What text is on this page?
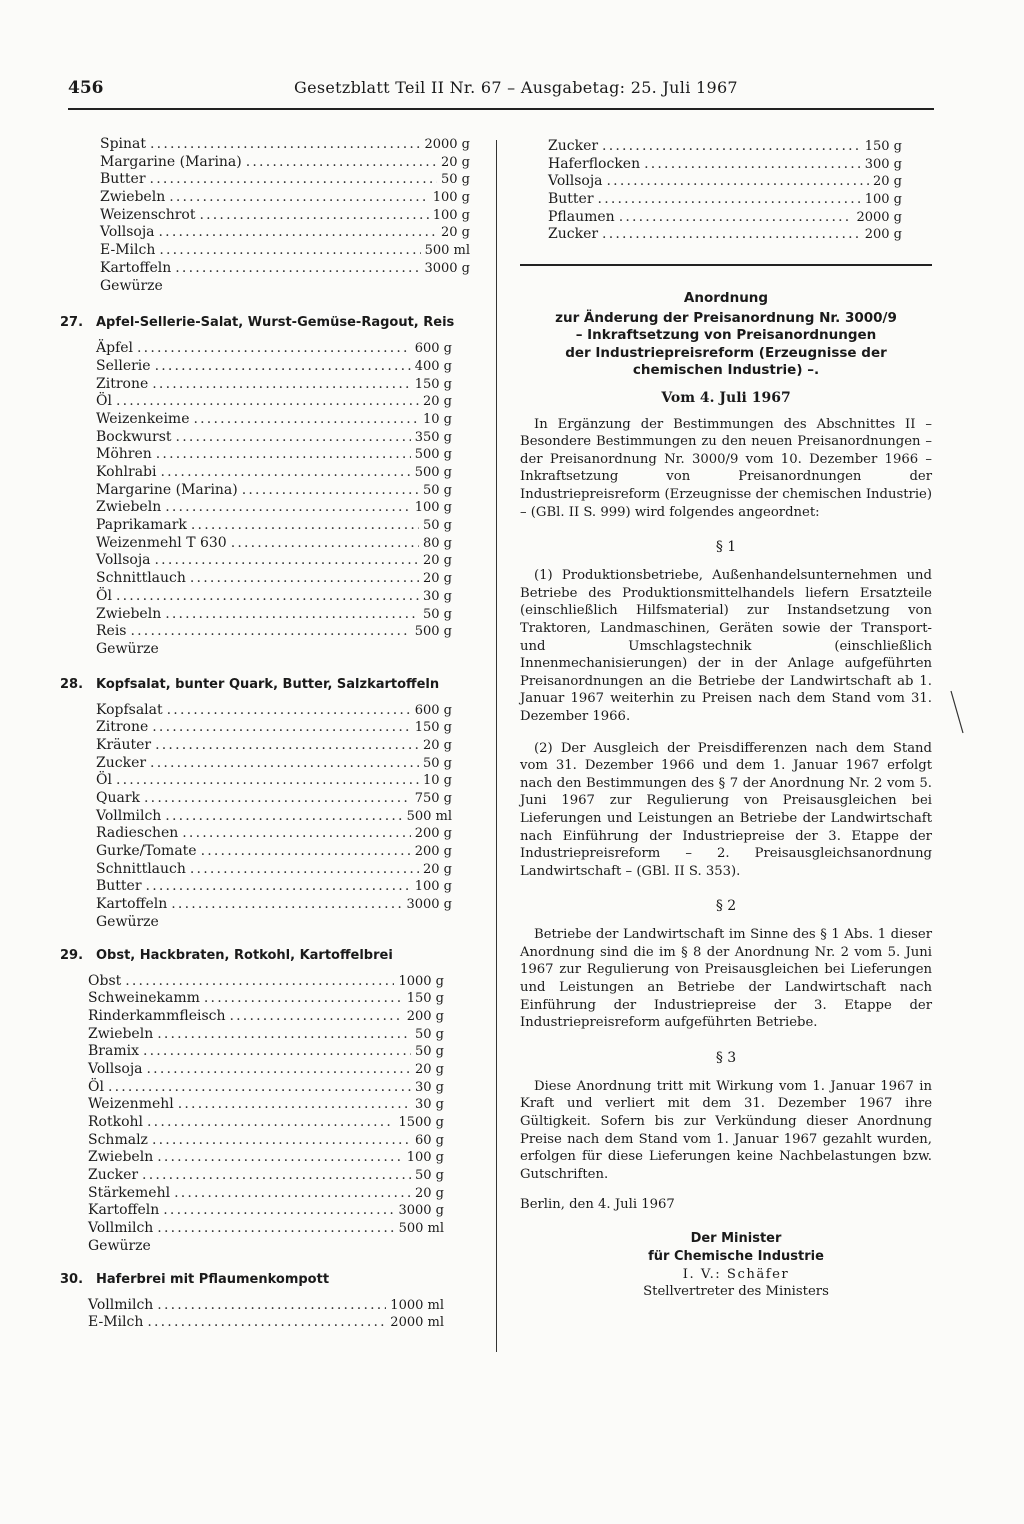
456	Gesetzblatt Teil II Nr. 67 – Ausgabetag: 25. Juli 1967
Spinat .....	2000 g
Margarine (Marina) .....	20 g
Butter .....	50 g
Zwiebeln .....	100 g
Weizenschrot .....	100 g
Vollsoja .....	20 g
E-Milch .....	500 ml
Kartoffeln .....	3000 g
Gewürze

27. Apfel-Sellerie-Salat, Wurst-Gemüse-Ragout, Reis

Äpfel .....	600 g
Sellerie .....	400 g
Zitrone .....	150 g
Öl .....	20 g
Weizenkeime .....	10 g
Bockwurst .....	350 g
Möhren .....	500 g
Kohlrabi .....	500 g
Margarine (Marina) .....	50 g
Zwiebeln .....	100 g
Paprikamark .....	50 g
Weizenmehl T 630 .....	80 g
Vollsoja .....	20 g
Schnittlauch .....	20 g
Öl .....	30 g
Zwiebeln .....	50 g
Reis .....	500 g
Gewürze

28. Kopfsalat, bunter Quark, Butter, Salzkartoffeln

Kopfsalat .....	600 g
Zitrone .....	150 g
Kräuter .....	20 g
Zucker .....	50 g
Öl .....	10 g
Quark .....	750 g
Vollmilch .....	500 ml
Radieschen .....	200 g
Gurke/Tomate .....	200 g
Schnittlauch .....	20 g
Butter .....	100 g
Kartoffeln .....	3000 g
Gewürze

29. Obst, Hackbraten, Rotkohl, Kartoffelbrei

Obst .....	1000 g
Schweinekamm .....	150 g
Rinderkammfleisch .....	200 g
Zwiebeln .....	50 g
Bramix .....	50 g
Vollsoja .....	20 g
Öl .....	30 g
Weizenmehl .....	30 g
Rotkohl .....	1500 g
Schmalz .....	60 g
Zwiebeln .....	100 g
Zucker .....	50 g
Stärkemehl .....	20 g
Kartoffeln .....	3000 g
Vollmilch .....	500 ml
Gewürze

30. Haferbrei mit Pflaumenkompott

Vollmilch .....	1000 ml
E-Milch .....	2000 ml
Zucker .....	150 g
Haferflocken .....	300 g
Vollsoja .....	20 g
Butter .....	100 g
Pflaumen .....	2000 g
Zucker .....	200 g

Anordnung

zur Änderung der Preisanordnung Nr. 3000/9

– Inkraftsetzung von Preisanordnungen

der Industriepreisreform (Erzeugnisse der

chemischen Industrie) –.

Vom 4. Juli 1967

In Ergänzung der Bestimmungen des Abschnittes II – Besondere Bestimmungen zu den neuen Preisanordnungen – der Preisanordnung Nr. 3000/9 vom 10. Dezember 1966 – Inkraftsetzung von Preisanordnungen der Industriepreisreform (Erzeugnisse der chemischen Industrie) – (GBl. II S. 999) wird folgendes angeordnet:

§ 1

(1) Produktionsbetriebe, Außenhandelsunternehmen und Betriebe des Produktionsmittelhandels liefern Ersatzteile (einschließlich Hilfsmaterial) zur Instandsetzung von Traktoren, Landmaschinen, Geräten sowie der Transport- und Umschlagstechnik (einschließlich Innenmechanisierungen) der in der Anlage aufgeführten Preisanordnungen an die Betriebe der Landwirtschaft ab 1. Januar 1967 weiterhin zu Preisen nach dem Stand vom 31. Dezember 1966.

(2) Der Ausgleich der Preisdifferenzen nach dem Stand vom 31. Dezember 1966 und dem 1. Januar 1967 erfolgt nach den Bestimmungen des § 7 der Anordnung Nr. 2 vom 5. Juni 1967 zur Regulierung von Preisausgleichen bei Lieferungen und Leistungen an Betriebe der Landwirtschaft nach Einführung der Industriepreise der 3. Etappe der Industriepreisreform – 2. Preisausgleichsanordnung Landwirtschaft – (GBl. II S. 353).

§ 2

Betriebe der Landwirtschaft im Sinne des § 1 Abs. 1 dieser Anordnung sind die im § 8 der Anordnung Nr. 2 vom 5. Juni 1967 zur Regulierung von Preisausgleichen bei Lieferungen und Leistungen an Betriebe der Landwirtschaft nach Einführung der Industriepreise der 3. Etappe der Industriepreisreform aufgeführten Betriebe.

§ 3

Diese Anordnung tritt mit Wirkung vom 1. Januar 1967 in Kraft und verliert mit dem 31. Dezember 1967 ihre Gültigkeit. Sofern bis zur Verkündung dieser Anordnung Preise nach dem Stand vom 1. Januar 1967 gezahlt wurden, erfolgen für diese Lieferungen keine Nachbelastungen bzw. Gutschriften.

Berlin, den 4. Juli 1967

Der Minister

für Chemische Industrie

I. V.: Schäfer

Stellvertreter des Ministers
